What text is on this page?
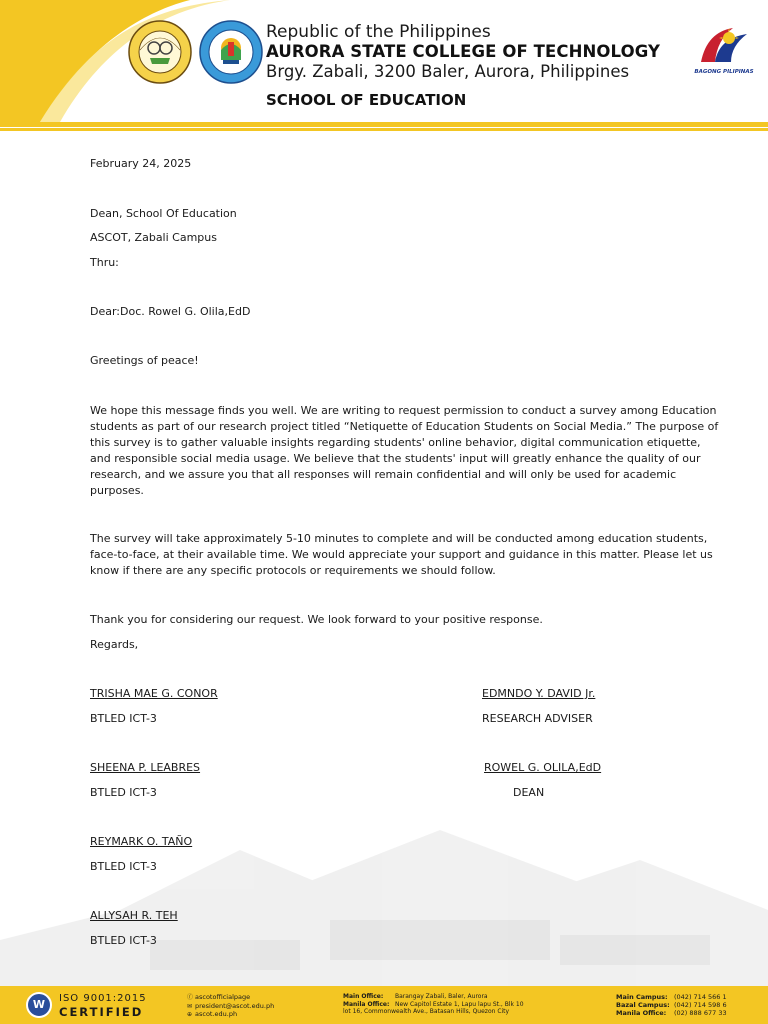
Republic of the Philippines
AURORA STATE COLLEGE OF TECHNOLOGY
Brgy. Zabali, 3200 Baler, Aurora, Philippines
SCHOOL OF EDUCATION
BAGONG PILIPINAS
February 24, 2025
Dean, School Of Education
ASCOT, Zabali Campus
Thru:
Dear:Doc. Rowel G. Olila,EdD
Greetings of peace!
We hope this message finds you well. We are writing to request permission to conduct a survey among Education students as part of our research project titled “Netiquette of Education Students on Social Media.” The purpose of this survey is to gather valuable insights regarding students' online behavior, digital communication etiquette, and responsible social media usage. We believe that the students' input will greatly enhance the quality of our research, and we assure you that all responses will remain confidential and will only be used for academic purposes.
The survey will take approximately 5-10 minutes to complete and will be conducted among education students, face-to-face, at their available time. We would appreciate your support and guidance in this matter. Please let us know if there are any specific protocols or requirements we should follow.
Thank you for considering our request. We look forward to your positive response.
Regards,
TRISHA MAE G. CONOR
BTLED ICT-3
SHEENA P. LEABRES
BTLED ICT-3
REYMARK O. TAÑO
BTLED ICT-3
ALLYSAH R. TEH
BTLED ICT-3
EDMNDO Y. DAVID Jr.
RESEARCH ADVISER
ROWEL G. OLILA,EdD
DEAN
W
ISO 9001:2015
CERTIFIED
ⓕ ascotofficialpage
✉ president@ascot.edu.ph
⊕ ascot.edu.ph
Main Office: Barangay Zabali, Baler, Aurora
Manila Office: New Capitol Estate 1, Lapu lapu St., Blk 10
lot 16, Commonwealth Ave., Batasan Hills, Quezon City
Main Campus: (042) 714 566 1
Bazal Campus: (042) 714 598 6
Manila Office: (02) 888 677 33
